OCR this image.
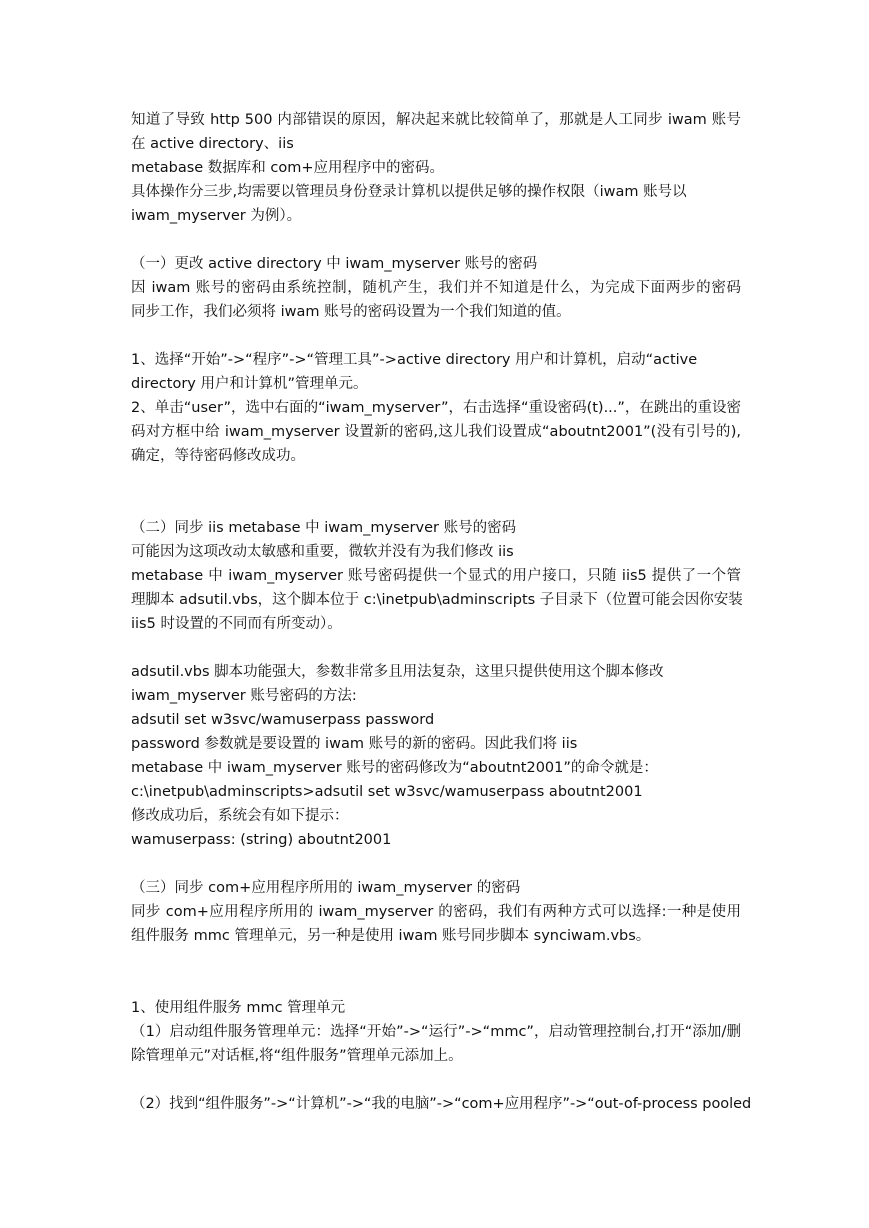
知道了导致 http 500 内部错误的原因，解决起来就比较简单了，那就是人工同步 iwam 账号
在 active directory、iis
metabase 数据库和 com+应用程序中的密码。
具体操作分三步,均需要以管理员身份登录计算机以提供足够的操作权限（iwam 账号以
iwam_myserver 为例）。
（一）更改 active directory 中 iwam_myserver 账号的密码
因 iwam 账号的密码由系统控制，随机产生，我们并不知道是什么，为完成下面两步的密码
同步工作，我们必须将 iwam 账号的密码设置为一个我们知道的值。
1、选择“开始”->“程序”->“管理工具”->active directory 用户和计算机，启动“active
directory 用户和计算机”管理单元。
2、单击“user”，选中右面的“iwam_myserver”，右击选择“重设密码(t)...”，在跳出的重设密
码对方框中给 iwam_myserver 设置新的密码,这儿我们设置成“aboutnt2001”(没有引号的),
确定，等待密码修改成功。
（二）同步 iis metabase 中 iwam_myserver 账号的密码
可能因为这项改动太敏感和重要，微软并没有为我们修改 iis
metabase 中 iwam_myserver 账号密码提供一个显式的用户接口，只随 iis5 提供了一个管
理脚本 adsutil.vbs，这个脚本位于 c:\inetpub\adminscripts 子目录下（位置可能会因你安装
iis5 时设置的不同而有所变动）。
adsutil.vbs 脚本功能强大，参数非常多且用法复杂，这里只提供使用这个脚本修改
iwam_myserver 账号密码的方法:
adsutil set w3svc/wamuserpass password
password 参数就是要设置的 iwam 账号的新的密码。因此我们将 iis
metabase 中 iwam_myserver 账号的密码修改为“aboutnt2001”的命令就是：
c:\inetpub\adminscripts>adsutil set w3svc/wamuserpass aboutnt2001
修改成功后，系统会有如下提示：
wamuserpass: (string) aboutnt2001
（三）同步 com+应用程序所用的 iwam_myserver 的密码
同步 com+应用程序所用的 iwam_myserver 的密码，我们有两种方式可以选择:一种是使用
组件服务 mmc 管理单元，另一种是使用 iwam 账号同步脚本 synciwam.vbs。
1、使用组件服务 mmc 管理单元
（1）启动组件服务管理单元：选择“开始”->“运行”->“mmc”，启动管理控制台,打开“添加/删
除管理单元”对话框,将“组件服务”管理单元添加上。
（2）找到“组件服务”->“计算机”->“我的电脑”->“com+应用程序”->“out-of-process pooled
